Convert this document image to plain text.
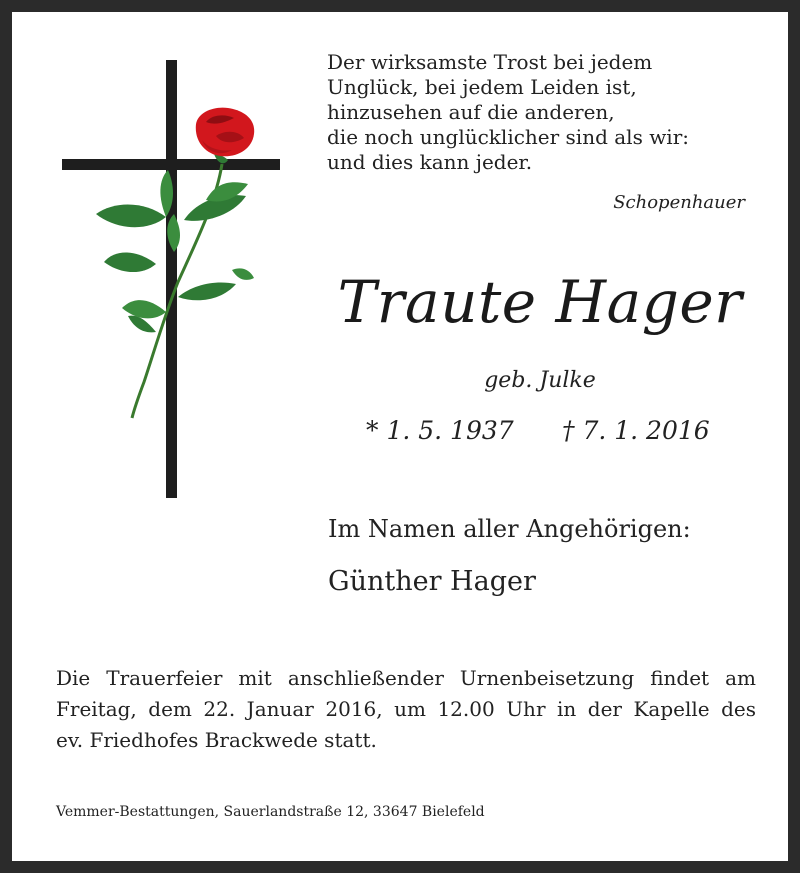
Der wirksamste Trost bei jedem
Unglück, bei jedem Leiden ist,
hinzusehen auf die anderen,
die noch unglücklicher sind als wir:
und dies kann jeder.
Schopenhauer
Traute Hager
geb. Julke
* 1. 5. 1937 † 7. 1. 2016
Im Namen aller Angehörigen:
Günther Hager
Die Trauerfeier mit anschließender Urnenbeisetzung findet am
Freitag, dem 22. Januar 2016, um 12.00 Uhr in der Kapelle des
ev. Friedhofes Brackwede statt.
Vemmer-Bestattungen, Sauerlandstraße 12, 33647 Bielefeld
